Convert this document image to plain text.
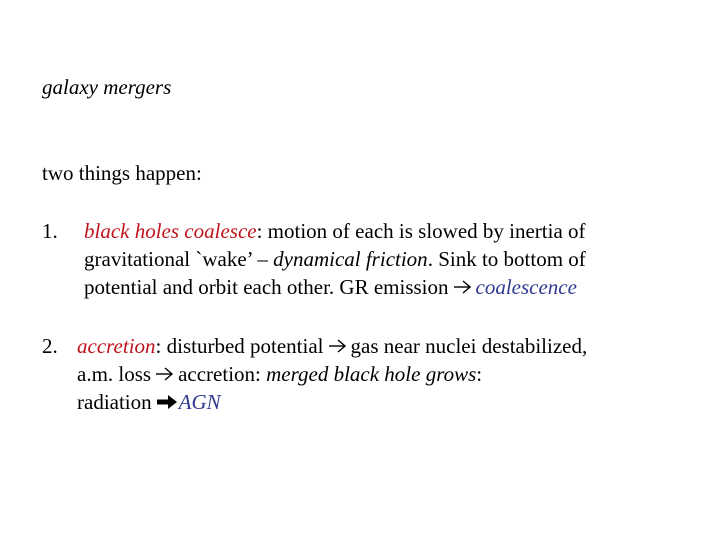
galaxy mergers
two things happen:
1. black holes coalesce: motion of each is slowed by inertia of
gravitational `wake’ – dynamical friction. Sink to bottom of
potential and orbit each other. GR emission coalescence
2. accretion: disturbed potential gas near nuclei destabilized,
a.m. loss accretion: merged black hole grows:
radiation AGN
